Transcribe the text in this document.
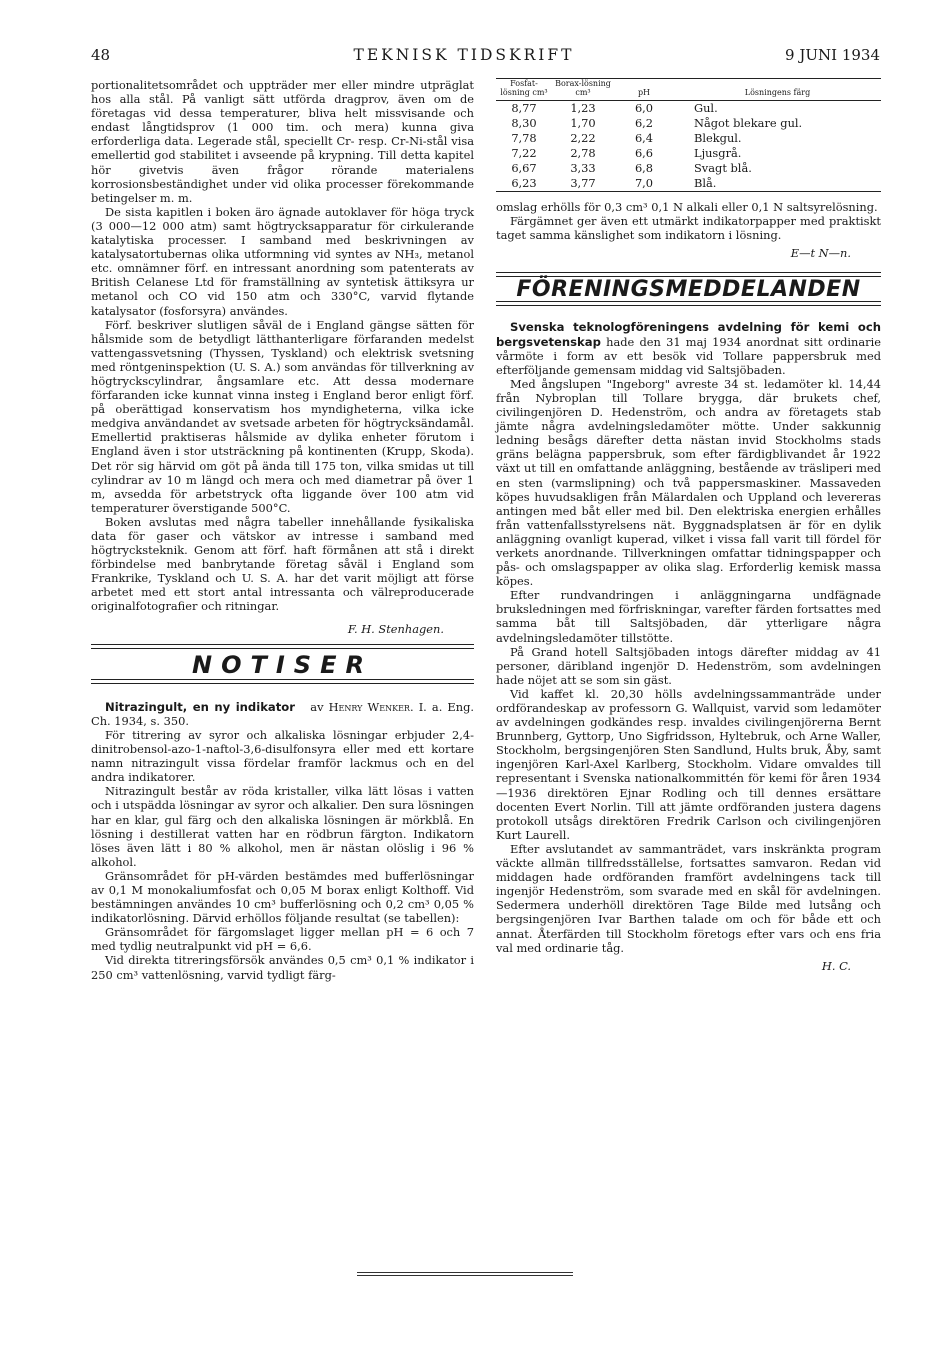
TEKNISK TIDSKRIFT
48	9 JUNI 1934

portionalitetsområdet och uppträder mer eller mindre utpräglat hos alla stål. På vanligt sätt utförda dragprov, även om de företagas vid dessa temperaturer, bliva helt missvisande och endast långtidsprov (1 000 tim. och mera) kunna giva erforderliga data. Legerade stål, speciellt Cr- resp. Cr-Ni-stål visa emellertid god stabilitet i avseende på krypning. Till detta kapitel hör givetvis även frågor rörande materialens korrosionsbeständighet under vid olika processer förekommande betingelser m. m.

De sista kapitlen i boken äro ägnade autoklaver för höga tryck (3 000—12 000 atm) samt högtrycksapparatur för cirkulerande katalytiska processer. I samband med beskrivningen av katalysatortubernas olika utformning vid syntes av NH₃, metanol etc. omnämner förf. en intressant anordning som patenterats av British Celanese Ltd för framställning av syntetisk ättiksyra ur metanol och CO vid 150 atm och 330°C, varvid flytande katalysator (fosforsyra) användes.

Förf. beskriver slutligen såväl de i England gängse sätten för hålsmide som de betydligt lätthanterligare förfaranden medelst vattengassvetsning (Thyssen, Tyskland) och elektrisk svetsning med röntgeninspektion (U. S. A.) som användas för tillverkning av högtryckscylindrar, ångsamlare etc. Att dessa modernare förfaranden icke kunnat vinna insteg i England beror enligt förf. på oberättigad konservatism hos myndigheterna, vilka icke medgiva användandet av svetsade arbeten för högtrycksändamål. Emellertid praktiseras hålsmide av dylika enheter förutom i England även i stor utsträckning på kontinenten (Krupp, Skoda). Det rör sig härvid om göt på ända till 175 ton, vilka smidas ut till cylindrar av 10 m längd och mera och med diametrar på över 1 m, avsedda för arbetstryck ofta liggande över 100 atm vid temperaturer överstigande 500°C.

Boken avslutas med några tabeller innehållande fysikaliska data för gaser och vätskor av intresse i samband med högtrycksteknik. Genom att förf. haft förmånen att stå i direkt förbindelse med banbrytande företag såväl i England som Frankrike, Tyskland och U. S. A. har det varit möjligt att förse arbetet med ett stort antal intressanta och välreproducerade originalfotografier och ritningar.

F. H. Stenhagen.
NOTISER

Nitrazingult, en ny indikator av Henry Wenker. I. a. Eng. Ch. 1934, s. 350.

För titrering av syror och alkaliska lösningar erbjuder 2,4-dinitrobensol-azo-1-naftol-3,6-disulfonsyra eller med ett kortare namn nitrazingult vissa fördelar framför lackmus och en del andra indikatorer.

Nitrazingult består av röda kristaller, vilka lätt lösas i vatten och i utspädda lösningar av syror och alkalier. Den sura lösningen har en klar, gul färg och den alkaliska lösningen är mörkblå. En lösning i destillerat vatten har en rödbrun färgton. Indikatorn löses även lätt i 80 % alkohol, men är nästan olöslig i 96 % alkohol.

Gränsområdet för pH-värden bestämdes med bufferlösningar av 0,1 M monokaliumfosfat och 0,05 M borax enligt Kolthoff. Vid bestämningen användes 10 cm³ bufferlösning och 0,2 cm³ 0,05 % indikatorlösning. Därvid erhöllos följande resultat (se tabellen):

Gränsområdet för färgomslaget ligger mellan pH = 6 och 7 med tydlig neutralpunkt vid pH = 6,6.

Vid direkta titreringsförsök användes 0,5 cm³ 0,1 % indikator i 250 cm³ vattenlösning, varvid tydligt färg-

Fosfat-lösning cm³	Borax-lösning cm³	pH	Lösningens färg
8,77	1,23	6,0	Gul.
8,30	1,70	6,2	Något blekare gul.
7,78	2,22	6,4	Blekgul.
7,22	2,78	6,6	Ljusgrå.
6,67	3,33	6,8	Svagt blå.
6,23	3,77	7,0	Blå.

omslag erhölls för 0,3 cm³ 0,1 N alkali eller 0,1 N saltsyrelösning.

Färgämnet ger även ett utmärkt indikatorpapper med praktiskt taget samma känslighet som indikatorn i lösning.

E—t N—n.
FÖRENINGSMEDDELANDEN

Svenska teknologföreningens avdelning för kemi och bergsvetenskap hade den 31 maj 1934 anordnat sitt ordinarie vårmöte i form av ett besök vid Tollare pappersbruk med efterföljande gemensam middag vid Saltsjöbaden.

Med ångslupen "Ingeborg" avreste 34 st. ledamöter kl. 14,44 från Nybroplan till Tollare brygga, där brukets chef, civilingenjören D. Hedenström, och andra av företagets stab jämte några avdelningsledamöter mötte. Under sakkunnig ledning besågs därefter detta nästan invid Stockholms stads gräns belägna pappersbruk, som efter färdigblivandet år 1922 växt ut till en omfattande anläggning, bestående av träsliperi med en sten (varmslipning) och två pappersmaskiner. Massaveden köpes huvudsakligen från Mälardalen och Uppland och levereras antingen med båt eller med bil. Den elektriska energien erhålles från vattenfallsstyrelsens nät. Byggnadsplatsen är för en dylik anläggning ovanligt kuperad, vilket i vissa fall varit till fördel för verkets anordnande. Tillverkningen omfattar tidningspapper och pås- och omslagspapper av olika slag. Erforderlig kemisk massa köpes.

Efter rundvandringen i anläggningarna undfägnade bruksledningen med förfriskningar, varefter färden fortsattes med samma båt till Saltsjöbaden, där ytterligare några avdelningsledamöter tillstötte.

På Grand hotell Saltsjöbaden intogs därefter middag av 41 personer, däribland ingenjör D. Hedenström, som avdelningen hade nöjet att se som sin gäst.

Vid kaffet kl. 20,30 hölls avdelningssammanträde under ordförandeskap av professorn G. Wallquist, varvid som ledamöter av avdelningen godkändes resp. invaldes civilingenjörerna Bernt Brunnberg, Gyttorp, Uno Sigfridsson, Hyltebruk, och Arne Waller, Stockholm, bergsingenjören Sten Sandlund, Hults bruk, Åby, samt ingenjören Karl-Axel Karlberg, Stockholm. Vidare omvaldes till representant i Svenska nationalkommittén för kemi för åren 1934—1936 direktören Ejnar Rodling och till dennes ersättare docenten Evert Norlin. Till att jämte ordföranden justera dagens protokoll utsågs direktören Fredrik Carlson och civilingenjören Kurt Laurell.

Efter avslutandet av sammanträdet, vars inskränkta program väckte allmän tillfredsställelse, fortsattes samvaron. Redan vid middagen hade ordföranden framfört avdelningens tack till ingenjör Hedenström, som svarade med en skål för avdelningen. Sedermera underhöll direktören Tage Bilde med lutsång och bergsingenjören Ivar Barthen talade om och för både ett och annat. Återfärden till Stockholm företogs efter vars och ens fria val med ordinarie tåg.

H. C.
